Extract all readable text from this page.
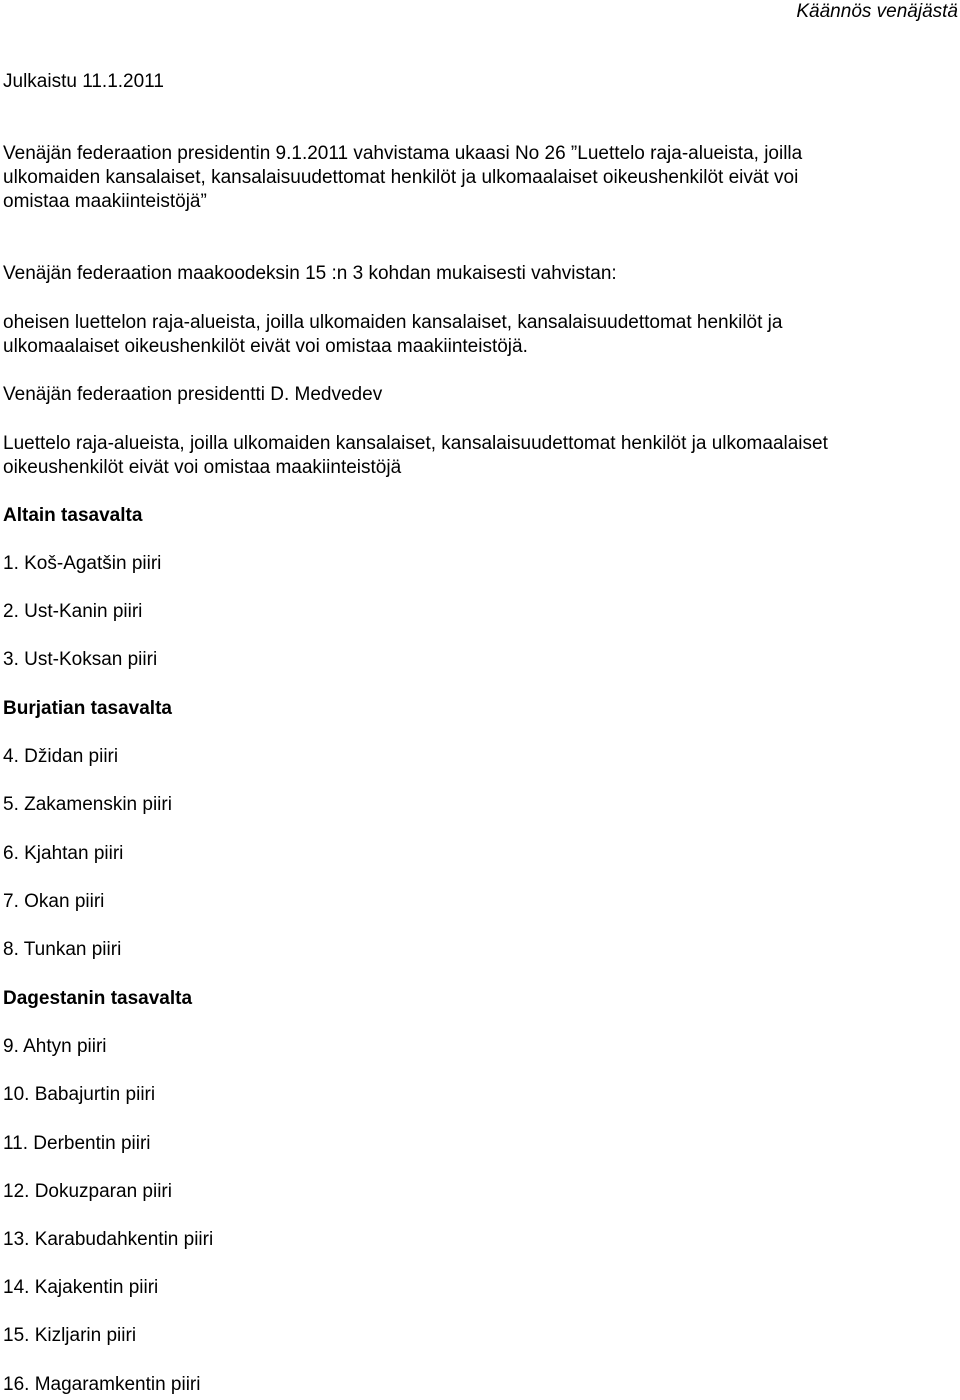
Käännös venäjästä

Julkaistu 11.1.2011

Venäjän federaation presidentin 9.1.2011 vahvistama ukaasi No 26 ”Luettelo raja-alueista, joilla
ulkomaiden kansalaiset, kansalaisuudettomat henkilöt ja ulkomaalaiset oikeushenkilöt eivät voi
omistaa maakiinteistöjä”

Venäjän federaation maakoodeksin 15 :n 3 kohdan mukaisesti vahvistan:

oheisen luettelon raja-alueista, joilla ulkomaiden kansalaiset, kansalaisuudettomat henkilöt ja
ulkomaalaiset oikeushenkilöt eivät voi omistaa maakiinteistöjä.

Venäjän federaation presidentti D. Medvedev

Luettelo raja-alueista, joilla ulkomaiden kansalaiset, kansalaisuudettomat henkilöt ja ulkomaalaiset
oikeushenkilöt eivät voi omistaa maakiinteistöjä

Altain tasavalta

1. Koš-Agatšin piiri

2. Ust-Kanin piiri

3. Ust-Koksan piiri

Burjatian tasavalta

4. Džidan piiri

5. Zakamenskin piiri

6. Kjahtan piiri

7. Okan piiri

8. Tunkan piiri

Dagestanin tasavalta

9. Ahtyn piiri

10. Babajurtin piiri

11. Derbentin piiri

12. Dokuzparan piiri

13. Karabudahkentin piiri

14. Kajakentin piiri

15. Kizljarin piiri

16. Magaramkentin piiri
